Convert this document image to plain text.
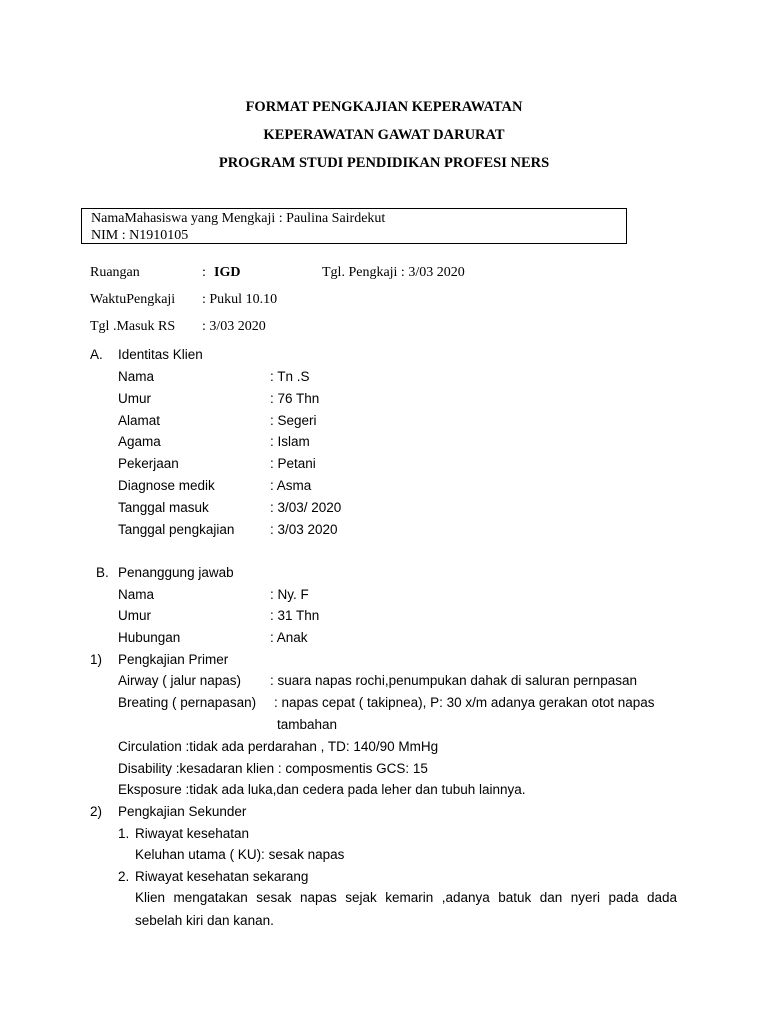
FORMAT PENGKAJIAN KEPERAWATAN
KEPERAWATAN GAWAT DARURAT
PROGRAM STUDI PENDIDIKAN PROFESI NERS
NamaMahasiswa yang Mengkaji : Paulina Sairdekut
NIM : N1910105
Ruangan	: IGD	Tgl. Pengkaji : 3/03 2020
WaktuPengkaji : Pukul 10.10
Tgl .Masuk RS : 3/03 2020
A. Identitas Klien
Nama	: Tn .S
Umur	: 76 Thn
Alamat	: Segeri
Agama	: Islam
Pekerjaan	: Petani
Diagnose medik	: Asma
Tanggal masuk	: 3/03/ 2020
Tanggal pengkajian	: 3/03 2020
B. Penanggung jawab
Nama	: Ny. F
Umur	: 31 Thn
Hubungan	: Anak
1) Pengkajian Primer
Airway ( jalur napas) : suara napas rochi,penumpukan dahak di saluran pernpasan
Breating ( pernapasan) : napas cepat ( takipnea), P: 30 x/m adanya gerakan otot napas
tambahan
Circulation :tidak ada perdarahan , TD: 140/90 MmHg
Disability :kesadaran klien : composmentis GCS: 15
Eksposure :tidak ada luka,dan cedera pada leher dan tubuh lainnya.
2) Pengkajian Sekunder
1. Riwayat kesehatan
Keluhan utama ( KU): sesak napas
2. Riwayat kesehatan sekarang
Klien mengatakan sesak napas sejak kemarin ,adanya batuk dan nyeri pada dada
sebelah kiri dan kanan.
